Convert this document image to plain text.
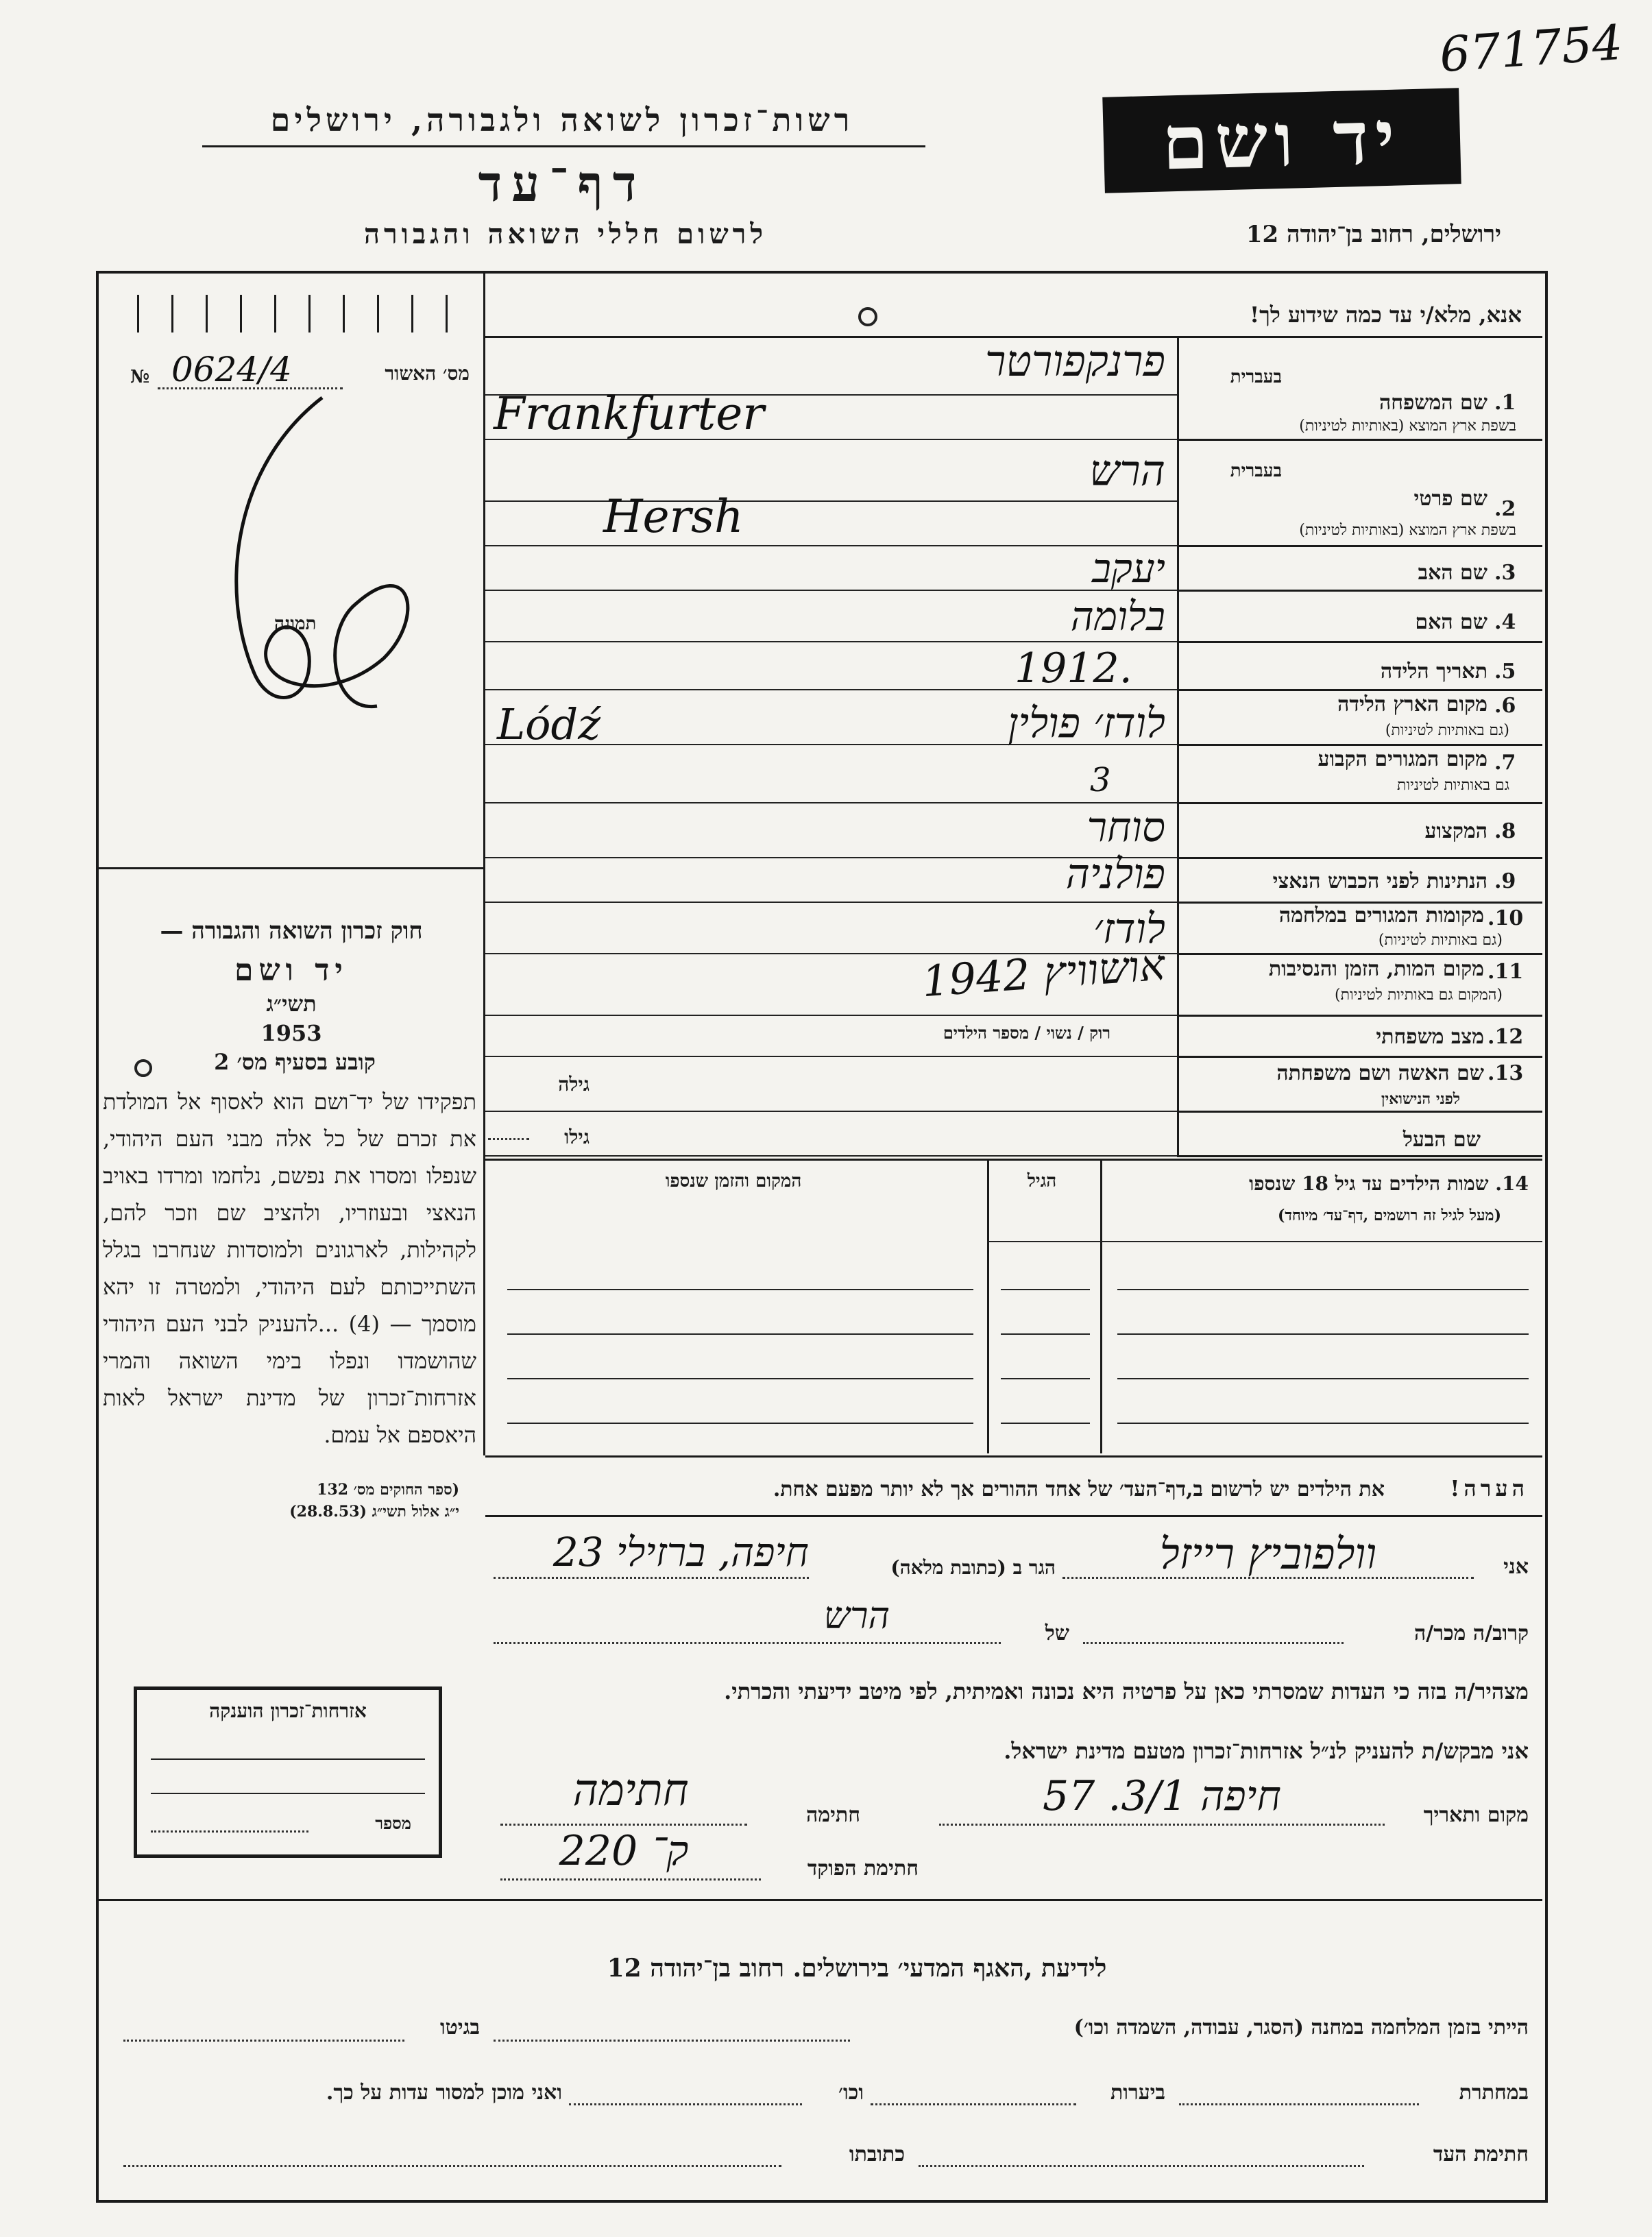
671754
רשות־זכרון לשואה ולגבורה, ירושלים
דף־עד
לרשום חללי השואה והגבורה
יד ושם
ירושלים, רחוב בן־יהודה 12
אנא, מלא/י עד כמה שידוע לך!
מס׳ האשור
0624/4
№
תמונה
חוק זכרון השואה והגבורה —
יד ושם
תשי״ג
1953
קובע בסעיף מס׳ 2
תפקידו של יד־ושם הוא לאסוף אל המולדת את זכרם של כל אלה מבני העם היהודי, שנפלו ומסרו את נפשם, נלחמו ומרדו באויב הנאצי ובעוזריו, ולהציב שם וזכר להם, לקהילות, לארגונים ולמוסדות שנחרבו בגלל השתייכותם לעם היהודי, ולמטרה זו יהא מוסמך — (4) ...להעניק לבני העם היהודי שהושמדו ונפלו בימי השואה והמרי אזרחות־זכרון של מדינת ישראל לאות היאספם אל עמם.
(ספר החוקים מס׳ 132
י״ג אלול תשי״ג (28.8.53)
1.
שם המשפחה
בשפת ארץ המוצא (באותיות לטיניות)
בעברית
פרנקפורטר
Frankfurter
2.
שם פרטי
בשפת ארץ המוצא (באותיות לטיניות)
בעברית
הרש
Hersh
3.
שם האב
יעקב
4.
שם האם
בלומה
5.
תאריך הלידה
1912.
6.
מקום הארץ הלידה
(גם באותיות לטיניות)
לודז׳ פולין
Lódź
7.
מקום המגורים הקבוע
גם באותיות לטיניות
3
8.
המקצוע
סוחר
9.
הנתינות לפני הכבוש הנאצי
פולניה
10.
מקומות המגורים במלחמה
(גם באותיות לטיניות)
לודז׳
11.
מקום המות, הזמן והנסיבות
(המקום גם באותיות לטיניות)
אושוויץ 1942
12.
מצב משפחתי
רוק / נשוי / מספר הילדים
13.
שם האשה ושם משפחתה
לפני הנישואין
שם הבעל
גילה
גילו
14. שמות הילדים עד גיל 18 שנספו
(מעל לגיל זה רושמים ,דף־עד׳ מיוחד)
הגיל
המקום והזמן שנספו
הערה!
את הילדים יש לרשום ב,דף־העד׳ של אחד ההורים אך לא יותר מפעם אחת.
אני
וולפוביץ רייזל
הגר ב (כתובת מלאה)
חיפה, ברזילי 23
קרוב/ה מכר/ה
של
הרש
מצהיר/ה בזה כי העדות שמסרתי כאן על פרטיה היא נכונה ואמיתית, לפי מיטב ידיעתי והכרתי.
אני מבקש/ת להעניק לנ״ל אזרחות־זכרון מטעם מדינת ישראל.
מקום ותאריך
חיפה 3/1. 57
חתימה
חתימה
חתימת הפוקד
ק־ 220
אזרחות־זכרון הוענקה
מספר
לידיעת ,האגף המדעי׳ בירושלים. רחוב בן־יהודה 12
הייתי בזמן המלחמה במחנה (הסגר, עבודה, השמדה וכו׳)
בגיטו
במחתרת
ביערות
וכו׳
ואני מוכן למסור עדות על כך.
חתימת העד
כתובתו
